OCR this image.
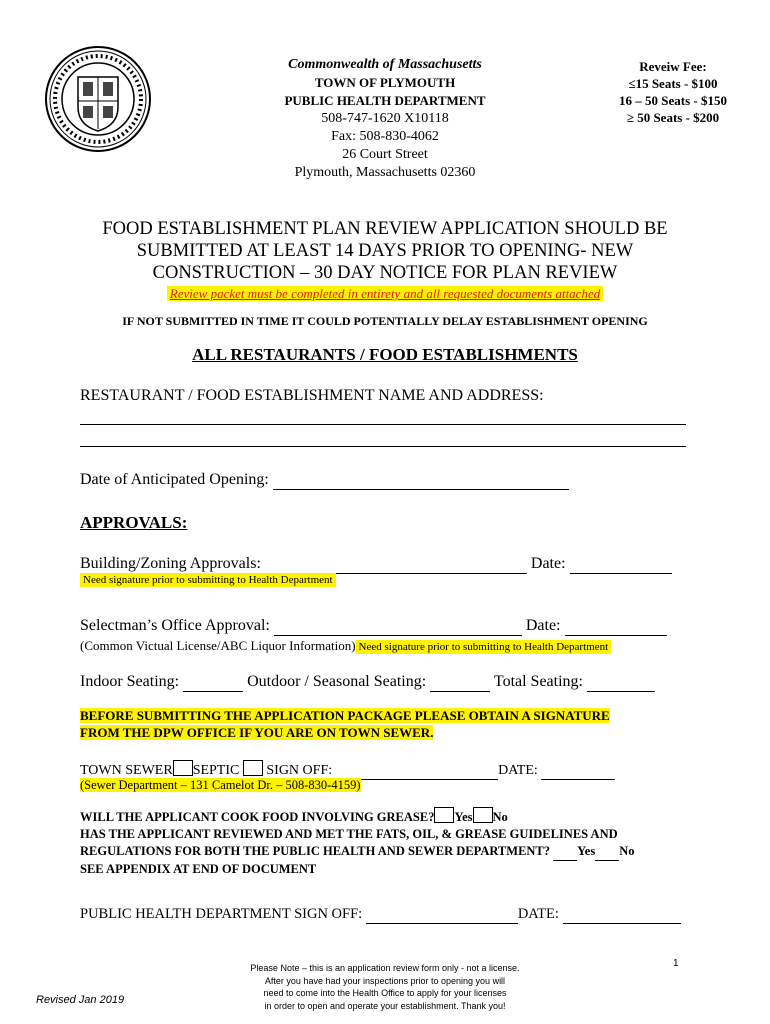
Commonwealth of Massachusetts
TOWN OF PLYMOUTH
PUBLIC HEALTH DEPARTMENT
508-747-1620 X10118
Fax: 508-830-4062
26 Court Street
Plymouth, Massachusetts 02360
Reveiw Fee:
≤15 Seats - $100
16 – 50 Seats - $150
≥ 50 Seats - $200
FOOD ESTABLISHMENT PLAN REVIEW APPLICATION SHOULD BE
SUBMITTED AT LEAST 14 DAYS PRIOR TO OPENING- NEW
CONSTRUCTION – 30 DAY NOTICE FOR PLAN REVIEW
Review packet must be completed in entirety and all requested documents attached
IF NOT SUBMITTED IN TIME IT COULD POTENTIALLY DELAY ESTABLISHMENT OPENING
ALL RESTAURANTS / FOOD ESTABLISHMENTS
RESTAURANT / FOOD ESTABLISHMENT NAME AND ADDRESS:
Date of Anticipated Opening:
APPROVALS:
Building/Zoning Approvals:	Date:
Need signature prior to submitting to Health Department
Selectman’s Office Approval:	Date:
(Common Victual License/ABC Liquor Information) Need signature prior to submitting to Health Department
Indoor Seating:	Outdoor / Seasonal Seating:	Total Seating:
BEFORE SUBMITTING THE APPLICATION PACKAGE PLEASE OBTAIN A SIGNATURE
FROM THE DPW OFFICE IF YOU ARE ON TOWN SEWER.
TOWN SEWER SEPTIC SIGN OFF:	DATE:
(Sewer Department – 131 Camelot Dr. – 508-830-4159)
WILL THE APPLICANT COOK FOOD INVOLVING GREASE? Yes No
HAS THE APPLICANT REVIEWED AND MET THE FATS, OIL, & GREASE GUIDELINES AND
REGULATIONS FOR BOTH THE PUBLIC HEALTH AND SEWER DEPARTMENT? Yes No
SEE APPENDIX AT END OF DOCUMENT
PUBLIC HEALTH DEPARTMENT SIGN OFF:	DATE:
Revised Jan 2019
Please Note – this is an application review form only - not a license.
After you have had your inspections prior to opening you will
need to come into the Health Office to apply for your licenses
in order to open and operate your establishment. Thank you!
1
